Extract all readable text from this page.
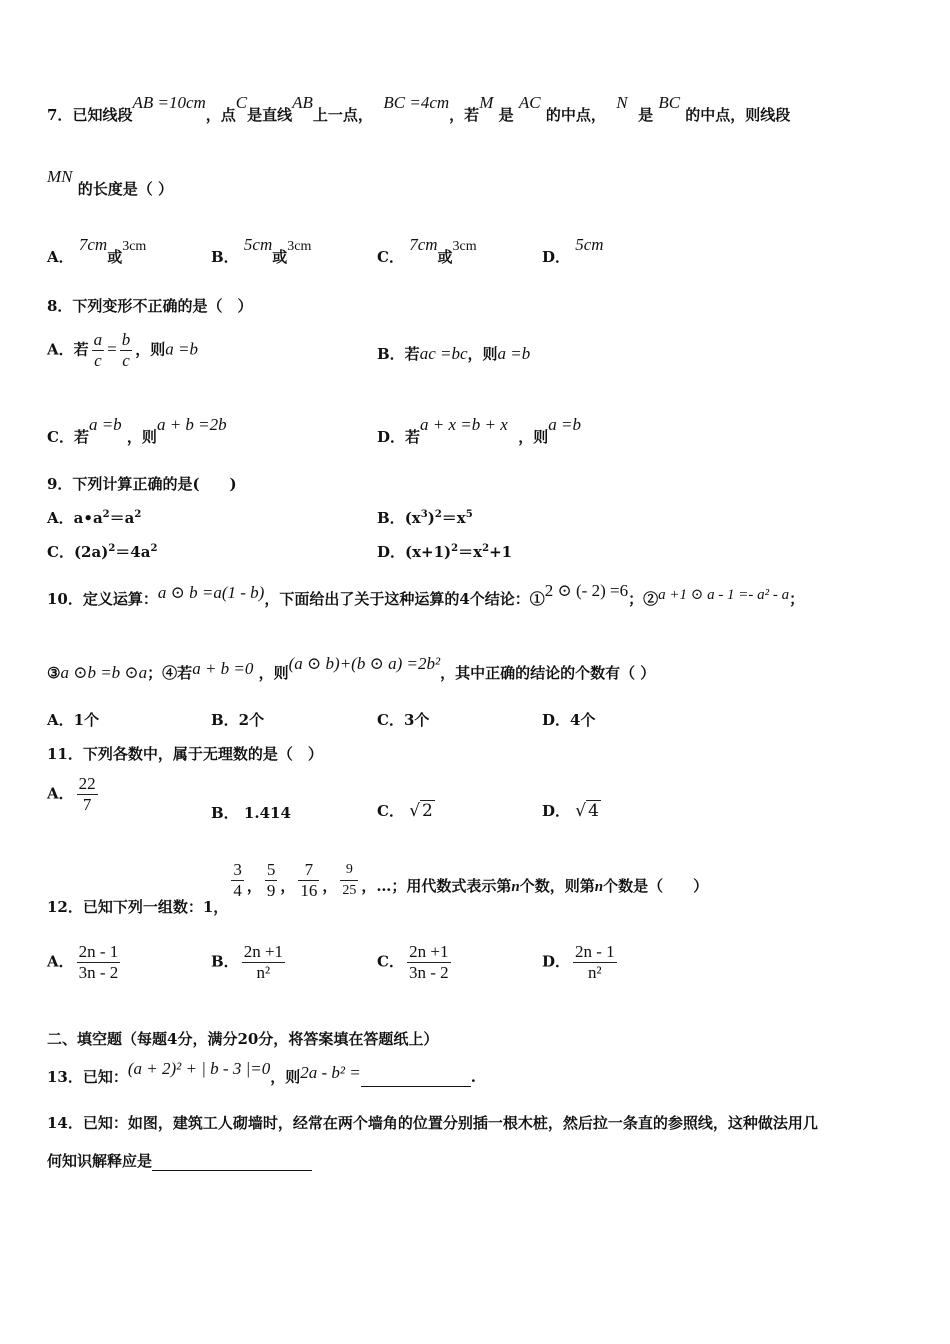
7．已知线段AB =10cm，点C是直线AB上一点，  BC =4cm，若M 是 AC 的中点，  N  是 BC 的中点，则线段
MN 的长度是（ ）
A． 7cm或3cm
B． 5cm或3cm
C． 7cm或3cm
D． 5cm
8．下列变形不正确的是（　）
A．若 $\frac{a}{c} = \frac{b}{c}$ ，则a =b	B．若ac =bc，则a =b
C．若a =b ，则a + b =2b
D．若a + x =b + x  ，则a =b
9．下列计算正确的是(　　)
A．$a•a^2=a^2$	B．$(x^3)^2=x^5$
C．$(2a)^2=4a^2$	D．$(x+1)^2=x^2+1$
10．定义运算：a ⊙ b =a(1 - b)，下面给出了关于这种运算的4个结论：①2 ⊙ (- 2) =6；②a +1 ⊙ a - 1 =- a² - a；
③a ⊙b =b ⊙a；④若a + b =0 ，则(a ⊙ b)+(b ⊙ a) =2b²，其中正确的结论的个数有（ ）
A．1个	B．2个	C．3个	D．4个
11．下列各数中，属于无理数的是（　）
A． $\frac{22}{7}$	B． 1.414	C． √ 2	D． √ 4
12．已知下列一组数：1，
$\frac{3}{4}$ ， $\frac{5}{9}$ ， $\frac{7}{16}$ ， $\frac{9}{25}$ ，…；用代数式表示第n个数，则第n个数是（　　）
A． $\frac{2n - 1}{3n - 2}$	B． $\frac{2n +1}{\text{n²}}$	C． $\frac{2n +1}{3n - 2}$	D． $\frac{2n - 1}{\text{n²}}$
二、填空题（每题4分，满分20分，将答案填在答题纸上）
13．已知：(a + 2)² + | b - 3 |=0，则2a - b² =	.
14．已知：如图，建筑工人砌墙时，经常在两个墙角的位置分别插一根木桩，然后拉一条直的参照线，这种做法用几
何知识解释应是
